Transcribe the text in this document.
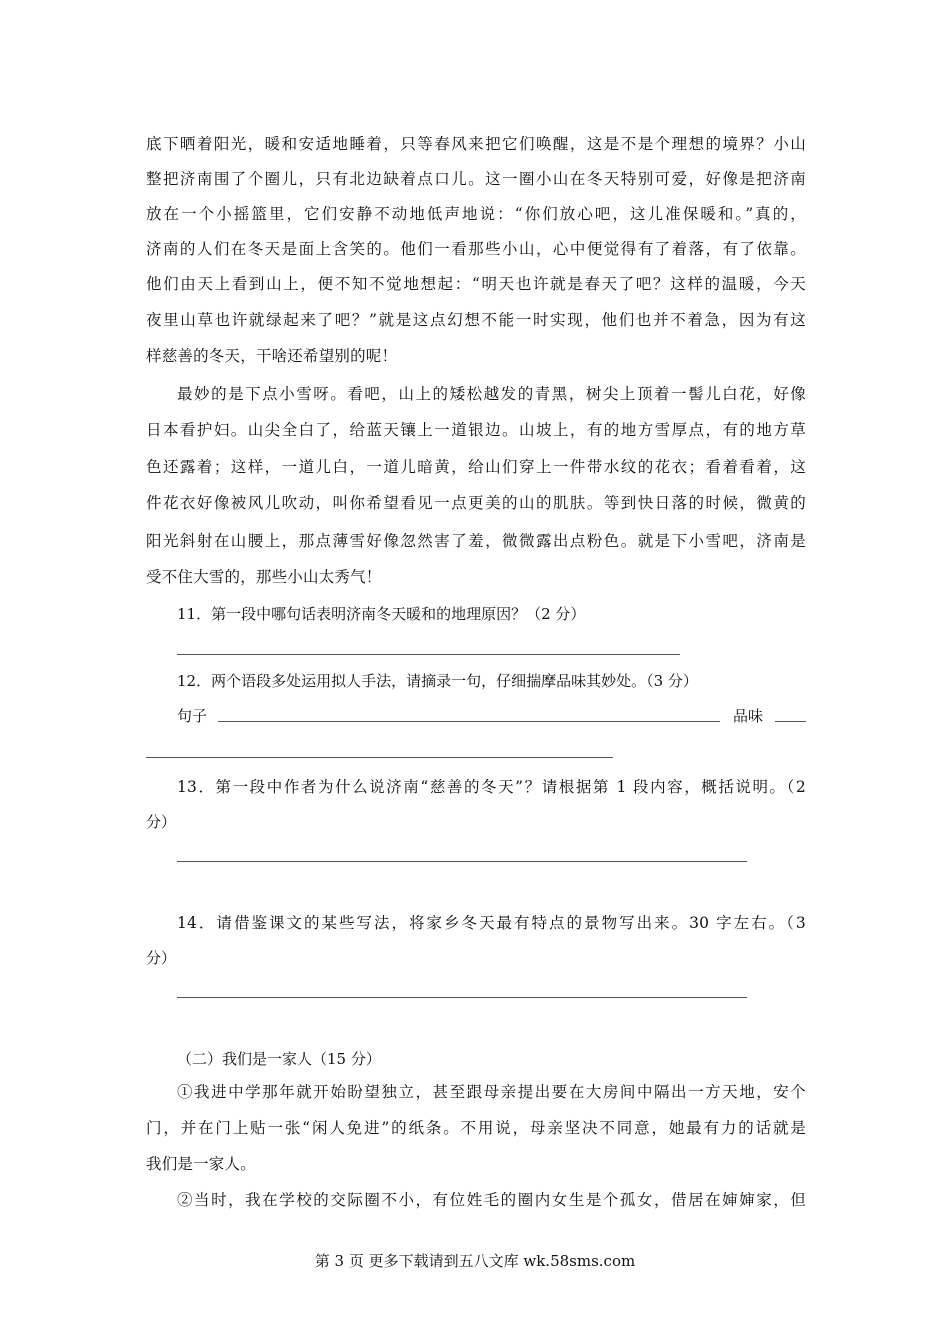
底下晒着阳光，暖和安适地睡着，只等春风来把它们唤醒，这是不是个理想的境界？小山
整把济南围了个圈儿，只有北边缺着点口儿。这一圈小山在冬天特别可爱，好像是把济南
放在一个小摇篮里，它们安静不动地低声地说：“你们放心吧，这儿准保暖和。”真的，
济南的人们在冬天是面上含笑的。他们一看那些小山，心中便觉得有了着落，有了依靠。
他们由天上看到山上，便不知不觉地想起：“明天也许就是春天了吧？这样的温暖，今天
夜里山草也许就绿起来了吧？”就是这点幻想不能一时实现，他们也并不着急，因为有这
样慈善的冬天，干啥还希望别的呢！
最妙的是下点小雪呀。看吧，山上的矮松越发的青黑，树尖上顶着一髻儿白花，好像
日本看护妇。山尖全白了，给蓝天镶上一道银边。山坡上，有的地方雪厚点，有的地方草
色还露着；这样，一道儿白，一道儿暗黄，给山们穿上一件带水纹的花衣；看着看着，这
件花衣好像被风儿吹动，叫你希望看见一点更美的山的肌肤。等到快日落的时候，微黄的
阳光斜射在山腰上，那点薄雪好像忽然害了羞，微微露出点粉色。就是下小雪吧，济南是
受不住大雪的，那些小山太秀气！
11．第一段中哪句话表明济南冬天暖和的地理原因？（2 分）
12．两个语段多处运用拟人手法，请摘录一句，仔细揣摩品味其妙处。（3 分）
句子	品味
13．第一段中作者为什么说济南“慈善的冬天”？请根据第 1 段内容，概括说明。（2
分）
14．请借鉴课文的某些写法，将家乡冬天最有特点的景物写出来。30 字左右。（3
分）
（二）我们是一家人（15 分）
①我进中学那年就开始盼望独立，甚至跟母亲提出要在大房间中隔出一方天地，安个
门，并在门上贴一张“闲人免进”的纸条。不用说，母亲坚决不同意，她最有力的话就是
我们是一家人。
②当时，我在学校的交际圈不小，有位姓毛的圈内女生是个孤女，借居在婶婶家，但
第 3 页 更多下载请到五八文库 wk.58sms.com
